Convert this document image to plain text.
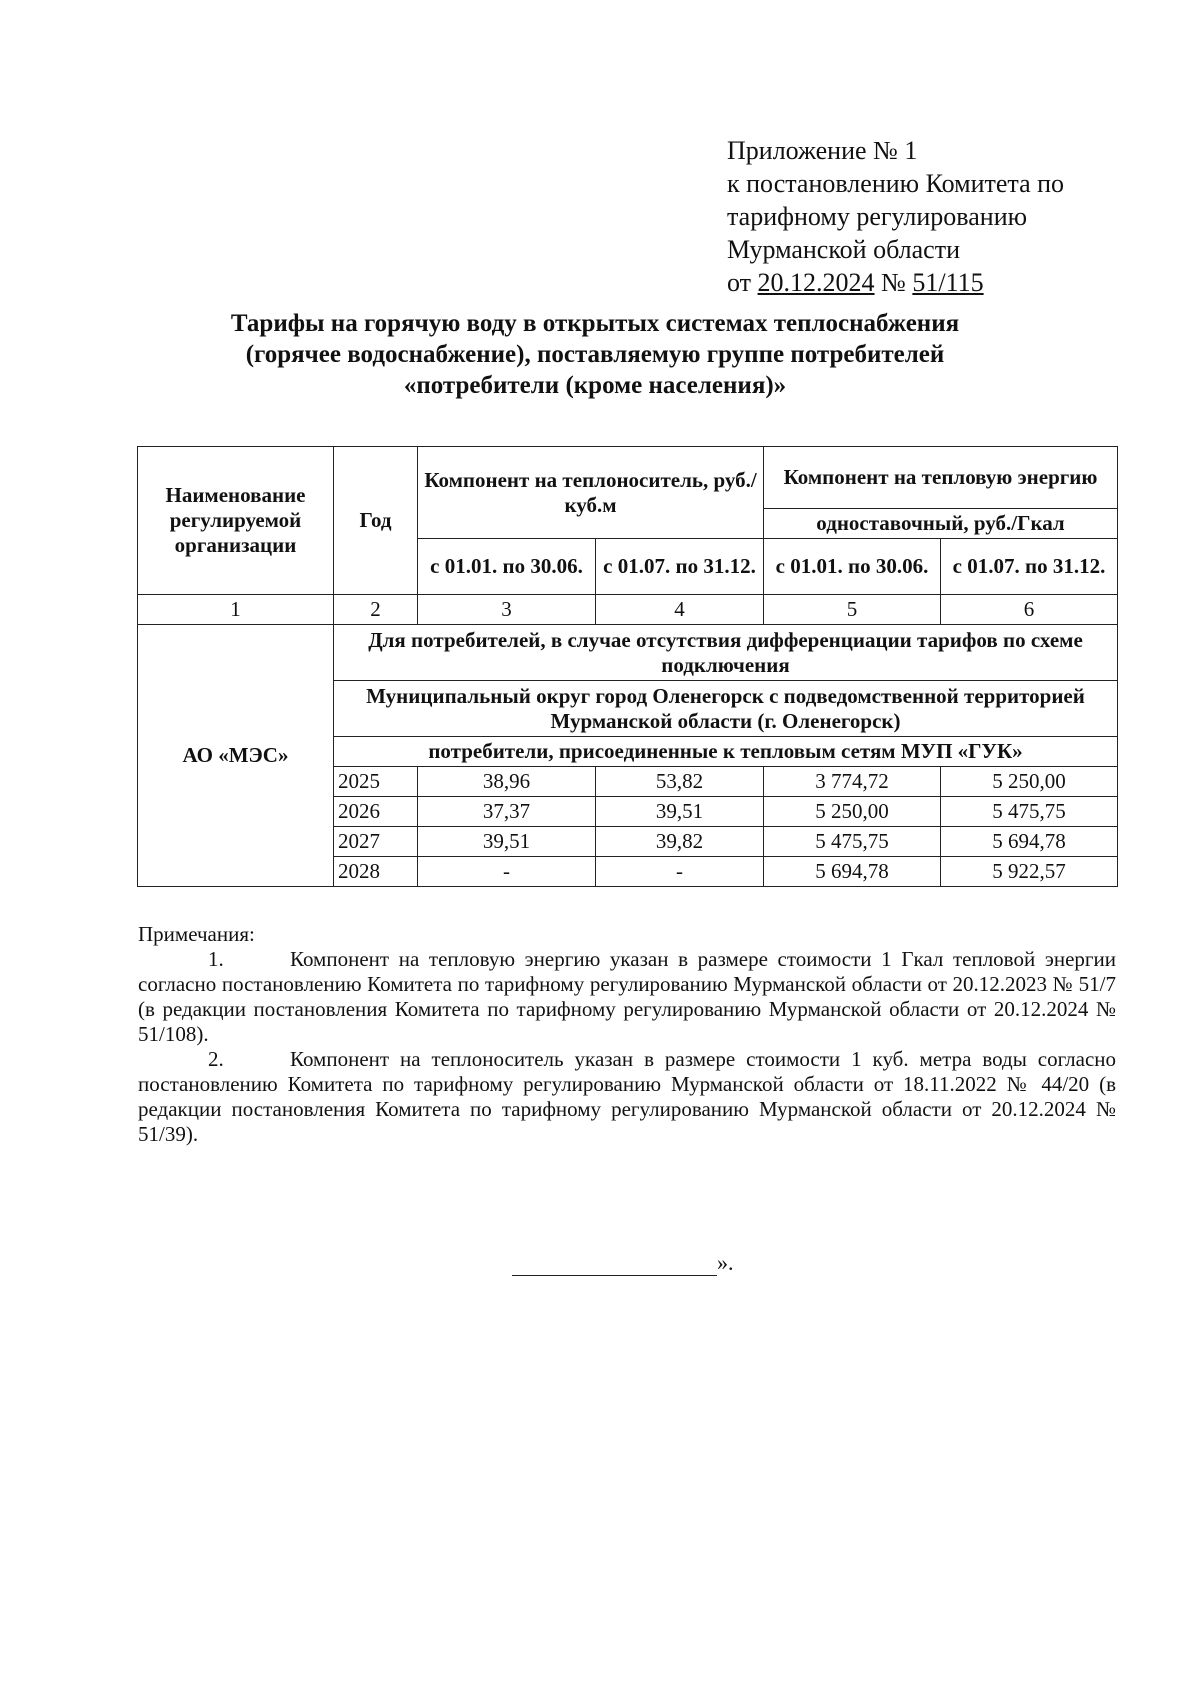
Приложение № 1
к постановлению Комитета по
тарифному регулированию
Мурманской области
от 20.12.2024 № 51/115
Тарифы на горячую воду в открытых системах теплоснабжения
(горячее водоснабжение), поставляемую группе потребителей
«потребители (кроме населения)»
Наименование регулируемой организации	Год	Компонент на теплоноситель, руб./куб.м		Компонент на тепловую энергию	
				одноставочный, руб./Гкал	
		с 01.01. по 30.06.	с 01.07. по 31.12.	с 01.01. по 30.06.	с 01.07. по 31.12.
1	2	3	4	5	6
АО «МЭС»	Для потребителей, в случае отсутствия дифференциации тарифов по схеме подключения				
	Муниципальный округ город Оленегорск с подведомственной территорией Мурманской области (г. Оленегорск)				
	потребители, присоединенные к тепловым сетям МУП «ГУК»				
	2025	38,96	53,82	3 774,72	5 250,00
	2026	37,37	39,51	5 250,00	5 475,75
	2027	39,51	39,82	5 475,75	5 694,78
	2028	-	-	5 694,78	5 922,57
Примечания:

1.	Компонент на тепловую энергию указан в размере стоимости 1 Гкал тепловой энергии согласно постановлению Комитета по тарифному регулированию Мурманской области от 20.12.2023 № 51/7 (в редакции постановления Комитета по тарифному регулированию Мурманской области от 20.12.2024 № 51/108).

2.	Компонент на теплоноситель указан в размере стоимости 1 куб. метра воды согласно постановлению Комитета по тарифному регулированию Мурманской области от 18.11.2022 № 44/20 (в редакции постановления Комитета по тарифному регулированию Мурманской области от 20.12.2024 № 51/39).

».
